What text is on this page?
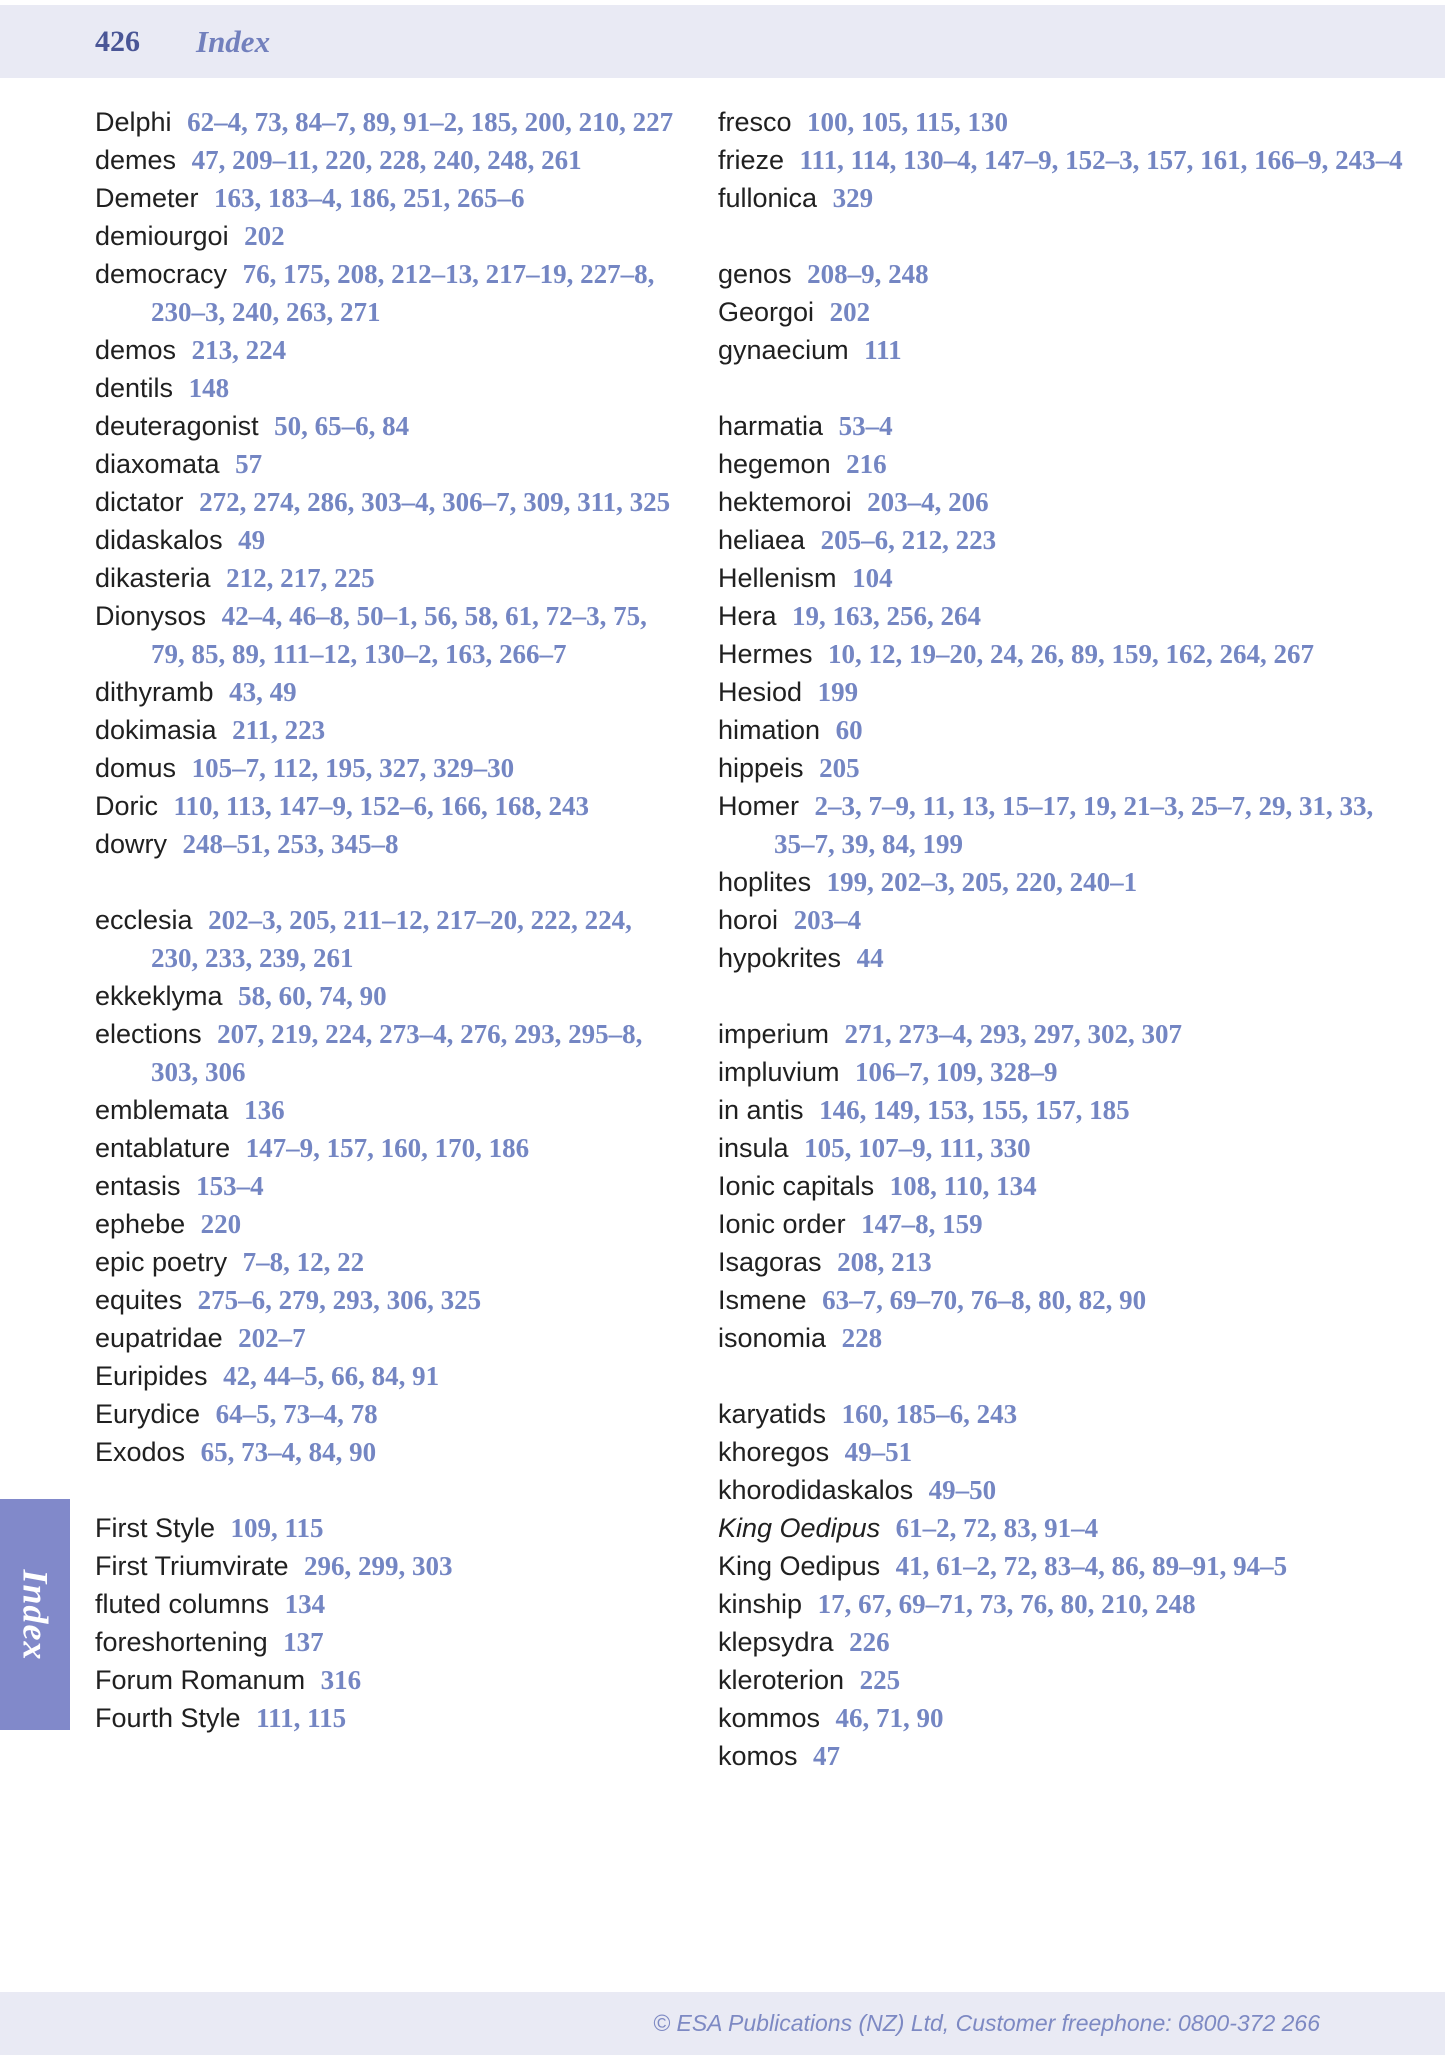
426 Index
Delphi 62–4, 73, 84–7, 89, 91–2, 185, 200, 210, 227
demes 47, 209–11, 220, 228, 240, 248, 261
Demeter 163, 183–4, 186, 251, 265–6
demiourgoi 202
democracy 76, 175, 208, 212–13, 217–19, 227–8, 230–3, 240, 263, 271
demos 213, 224
dentils 148
deuteragonist 50, 65–6, 84
diaxomata 57
dictator 272, 274, 286, 303–4, 306–7, 309, 311, 325
didaskalos 49
dikasteria 212, 217, 225
Dionysos 42–4, 46–8, 50–1, 56, 58, 61, 72–3, 75, 79, 85, 89, 111–12, 130–2, 163, 266–7
dithyramb 43, 49
dokimasia 211, 223
domus 105–7, 112, 195, 327, 329–30
Doric 110, 113, 147–9, 152–6, 166, 168, 243
dowry 248–51, 253, 345–8
ecclesia 202–3, 205, 211–12, 217–20, 222, 224, 230, 233, 239, 261
ekkeklyma 58, 60, 74, 90
elections 207, 219, 224, 273–4, 276, 293, 295–8, 303, 306
emblemata 136
entablature 147–9, 157, 160, 170, 186
entasis 153–4
ephebe 220
epic poetry 7–8, 12, 22
equites 275–6, 279, 293, 306, 325
eupatridae 202–7
Euripides 42, 44–5, 66, 84, 91
Eurydice 64–5, 73–4, 78
Exodos 65, 73–4, 84, 90
First Style 109, 115
First Triumvirate 296, 299, 303
fluted columns 134
foreshortening 137
Forum Romanum 316
Fourth Style 111, 115
fresco 100, 105, 115, 130
frieze 111, 114, 130–4, 147–9, 152–3, 157, 161, 166–9, 243–4
fullonica 329
genos 208–9, 248
Georgoi 202
gynaecium 111
harmatia 53–4
hegemon 216
hektemoroi 203–4, 206
heliaea 205–6, 212, 223
Hellenism 104
Hera 19, 163, 256, 264
Hermes 10, 12, 19–20, 24, 26, 89, 159, 162, 264, 267
Hesiod 199
himation 60
hippeis 205
Homer 2–3, 7–9, 11, 13, 15–17, 19, 21–3, 25–7, 29, 31, 33, 35–7, 39, 84, 199
hoplites 199, 202–3, 205, 220, 240–1
horoi 203–4
hypokrites 44
imperium 271, 273–4, 293, 297, 302, 307
impluvium 106–7, 109, 328–9
in antis 146, 149, 153, 155, 157, 185
insula 105, 107–9, 111, 330
Ionic capitals 108, 110, 134
Ionic order 147–8, 159
Isagoras 208, 213
Ismene 63–7, 69–70, 76–8, 80, 82, 90
isonomia 228
karyatids 160, 185–6, 243
khoregos 49–51
khorodidaskalos 49–50
King Oedipus 61–2, 72, 83, 91–4
King Oedipus 41, 61–2, 72, 83–4, 86, 89–91, 94–5
kinship 17, 67, 69–71, 73, 76, 80, 210, 248
klepsydra 226
kleroterion 225
kommos 46, 71, 90
komos 47
Index
© ESA Publications (NZ) Ltd, Customer freephone: 0800-372 266
